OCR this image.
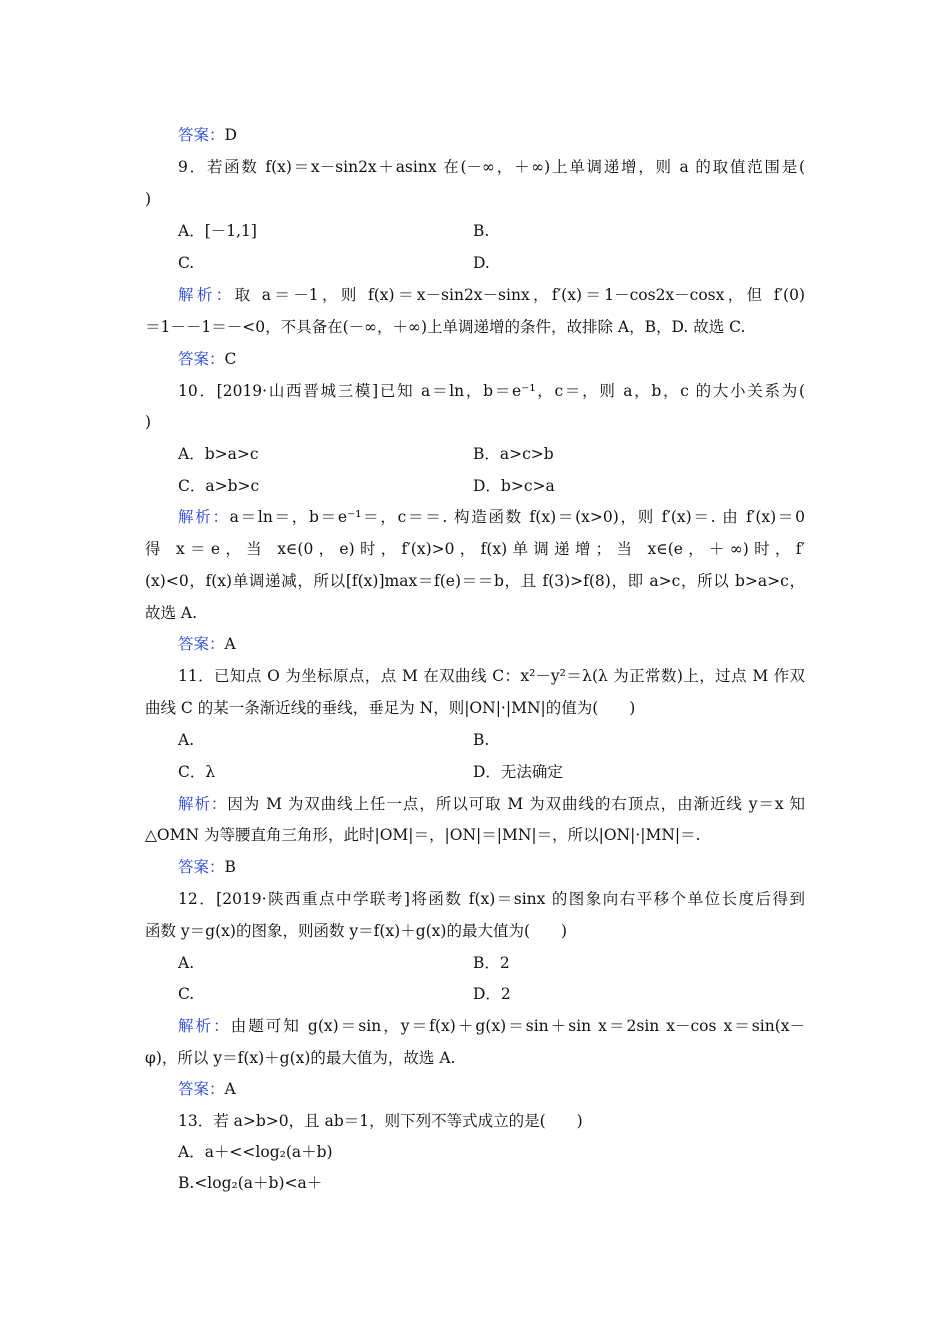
答案：D
9．若函数 f(x)＝x－sin2x＋asinx 在(－∞，＋∞)上单调递增，则 a 的取值范围是(
)
A．[－1,1]	B.
C.	D.
解析：取 a＝－1，则 f(x)＝x－sin2x－sinx，f′(x)＝1－cos2x－cosx，但 f′(0)
＝1－－1＝－<0，不具备在(－∞，＋∞)上单调递增的条件，故排除 A，B，D. 故选 C.
答案：C
10．[2019·山西晋城三模]已知 a＝ln，b＝e⁻¹，c＝，则 a，b，c 的大小关系为(
)
A．b>a>c	B．a>c>b
C．a>b>c	D．b>c>a
解析：a＝ln＝，b＝e⁻¹＝，c＝＝. 构造函数 f(x)＝(x>0)，则 f′(x)＝. 由 f′(x)＝0
得 x＝e，当 x∈(0，e)时，f′(x)>0，f(x)单调递增；当 x∈(e，＋∞)时，f′
(x)<0，f(x)单调递减，所以[f(x)]max＝f(e)＝＝b，且 f(3)>f(8)，即 a>c，所以 b>a>c，
故选 A.
答案：A
11．已知点 O 为坐标原点，点 M 在双曲线 C：x²－y²＝λ(λ 为正常数)上，过点 M 作双
曲线 C 的某一条渐近线的垂线，垂足为 N，则|ON|·|MN|的值为(　　)
A.	B.
C．λ	D．无法确定
解析：因为 M 为双曲线上任一点，所以可取 M 为双曲线的右顶点，由渐近线 y＝x 知
△OMN 为等腰直角三角形，此时|OM|＝，|ON|＝|MN|＝，所以|ON|·|MN|＝.
答案：B
12．[2019·陕西重点中学联考]将函数 f(x)＝sinx 的图象向右平移个单位长度后得到
函数 y＝g(x)的图象，则函数 y＝f(x)＋g(x)的最大值为(　　)
A.	B．2
C.	D．2
解析：由题可知 g(x)＝sin，y＝f(x)＋g(x)＝sin＋sin x＝2sin x－cos x＝sin(x－
φ)，所以 y＝f(x)＋g(x)的最大值为，故选 A.
答案：A
13．若 a>b>0，且 ab＝1，则下列不等式成立的是(　　)
A．a＋<<log₂(a＋b)
B.<log₂(a＋b)<a＋
